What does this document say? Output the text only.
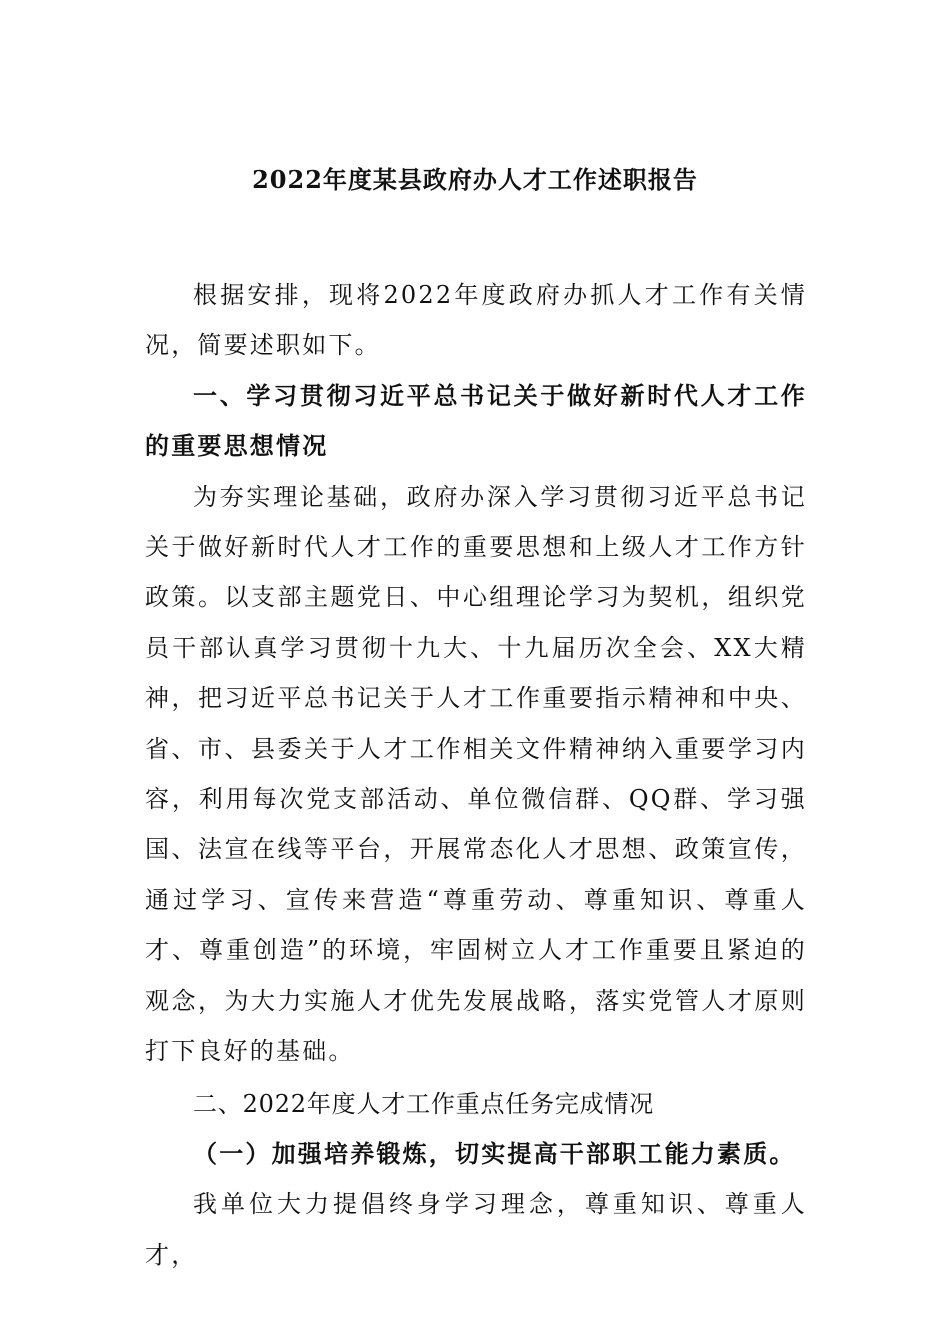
2022年度某县政府办人才工作述职报告

根据安排，现将2022年度政府办抓人才工作有关情况，简要述职如下。

一、学习贯彻习近平总书记关于做好新时代人才工作的重要思想情况

为夯实理论基础，政府办深入学习贯彻习近平总书记关于做好新时代人才工作的重要思想和上级人才工作方针政策。以支部主题党日、中心组理论学习为契机，组织党员干部认真学习贯彻十九大、十九届历次全会、XX大精神，把习近平总书记关于人才工作重要指示精神和中央、省、市、县委关于人才工作相关文件精神纳入重要学习内容，利用每次党支部活动、单位微信群、QQ群、学习强国、法宣在线等平台，开展常态化人才思想、政策宣传，通过学习、宣传来营造“尊重劳动、尊重知识、尊重人才、尊重创造”的环境，牢固树立人才工作重要且紧迫的观念，为大力实施人才优先发展战略，落实党管人才原则打下良好的基础。

二、2022年度人才工作重点任务完成情况

（一）加强培养锻炼，切实提高干部职工能力素质。

我单位大力提倡终身学习理念，尊重知识、尊重人才，
